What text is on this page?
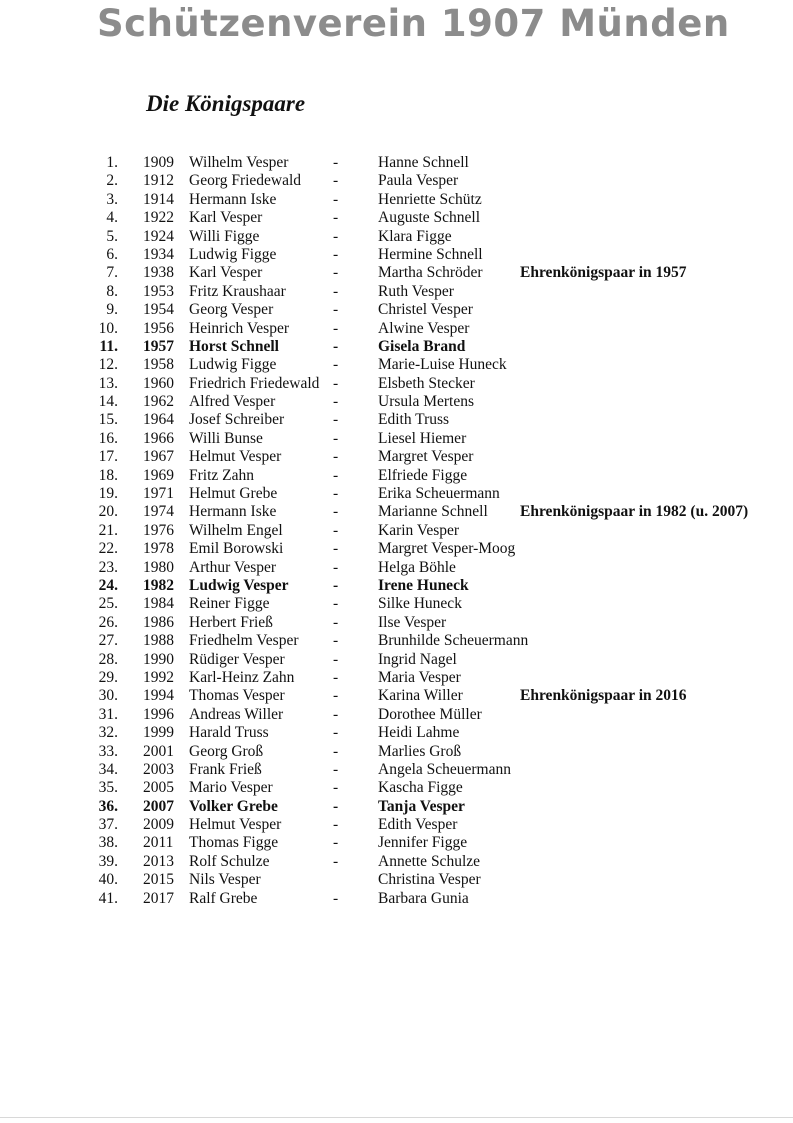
Schützenverein 1907 Münden
Die Königspaare
1. 1909 Wilhelm Vesper	-	Hanne Schnell
2. 1912 Georg Friedewald -	Paula Vesper
3. 1914 Hermann Iske	-	Henriette Schütz
4. 1922 Karl Vesper	-	Auguste Schnell
5. 1924 Willi Figge	-	Klara Figge
6. 1934 Ludwig Figge	-	Hermine Schnell
7. 1938 Karl Vesper	-	Martha Schröder Ehrenkönigspaar in 1957
8. 1953 Fritz Kraushaar	-	Ruth Vesper
9. 1954 Georg Vesper	-	Christel Vesper
10. 1956 Heinrich Vesper	-	Alwine Vesper
11. 1957 Horst Schnell	-	Gisela Brand
12. 1958 Ludwig Figge	-	Marie-Luise Huneck
13. 1960 Friedrich Friedewald -	Elsbeth Stecker
14. 1962 Alfred Vesper	-	Ursula Mertens
15. 1964 Josef Schreiber	-	Edith Truss
16. 1966 Willi Bunse	-	Liesel Hiemer
17. 1967 Helmut Vesper	-	Margret Vesper
18. 1969 Fritz Zahn	-	Elfriede Figge
19. 1971 Helmut Grebe	-	Erika Scheuermann
20. 1974 Hermann Iske	-	Marianne Schnell Ehrenkönigspaar in 1982 (u. 2007)
21. 1976 Wilhelm Engel	-	Karin Vesper
22. 1978 Emil Borowski	-	Margret Vesper-Moog
23. 1980 Arthur Vesper	-	Helga Böhle
24. 1982 Ludwig Vesper	-	Irene Huneck
25. 1984 Reiner Figge	-	Silke Huneck
26. 1986 Herbert Frieß	-	Ilse Vesper
27. 1988 Friedhelm Vesper -	Brunhilde Scheuermann
28. 1990 Rüdiger Vesper	-	Ingrid Nagel
29. 1992 Karl-Heinz Zahn -	Maria Vesper
30. 1994 Thomas Vesper	-	Karina Willer	Ehrenkönigspaar in 2016
31. 1996 Andreas Willer	-	Dorothee Müller
32. 1999 Harald Truss	-	Heidi Lahme
33. 2001 Georg Groß	-	Marlies Groß
34. 2003 Frank Frieß	-	Angela Scheuermann
35. 2005 Mario Vesper	-	Kascha Figge
36. 2007 Volker Grebe	-	Tanja Vesper
37. 2009 Helmut Vesper	-	Edith Vesper
38. 2011 Thomas Figge	-	Jennifer Figge
39. 2013 Rolf Schulze	-	Annette Schulze
40. 2015 Nils Vesper	Christina Vesper
41. 2017 Ralf Grebe	-	Barbara Gunia
